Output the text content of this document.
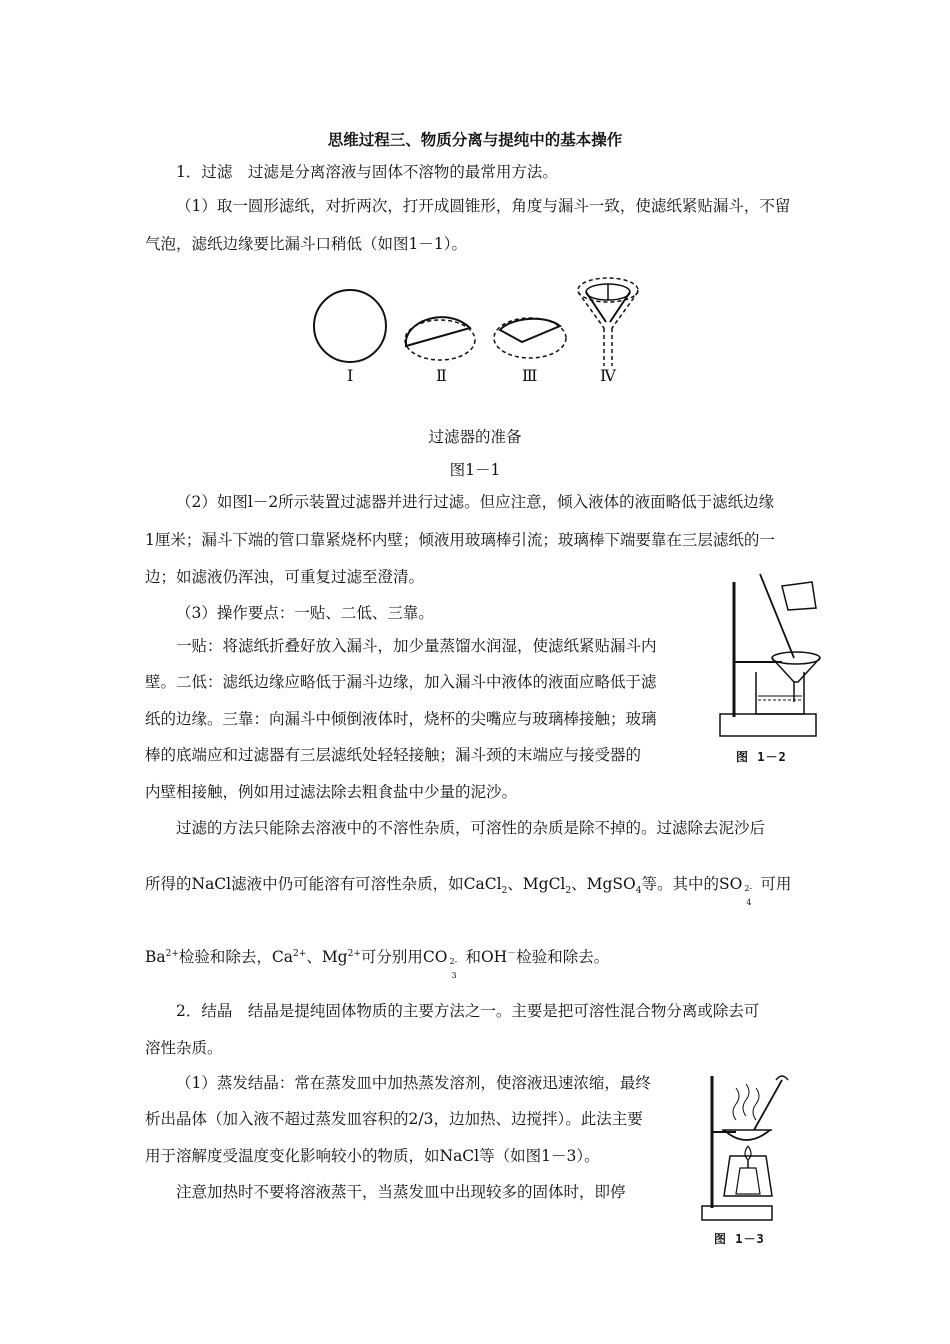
思维过程三、物质分离与提纯中的基本操作
1．过滤　过滤是分离溶液与固体不溶物的最常用方法。
（1）取一圆形滤纸，对折两次，打开成圆锥形，角度与漏斗一致，使滤纸紧贴漏斗，不留
气泡，滤纸边缘要比漏斗口稍低（如图1－1）。
Ⅰ	Ⅱ	Ⅲ	Ⅳ
过滤器的准备
图1－1
（2）如图l－2所示装置过滤器并进行过滤。但应注意，倾入液体的液面略低于滤纸边缘
1厘米；漏斗下端的管口靠紧烧杯内壁；倾液用玻璃棒引流；玻璃棒下端要靠在三层滤纸的一
边；如滤液仍浑浊，可重复过滤至澄清。
（3）操作要点：一贴、二低、三靠。
一贴：将滤纸折叠好放入漏斗，加少量蒸馏水润湿，使滤纸紧贴漏斗内
壁。二低：滤纸边缘应略低于漏斗边缘，加入漏斗中液体的液面应略低于滤
纸的边缘。三靠：向漏斗中倾倒液体时，烧杯的尖嘴应与玻璃棒接触；玻璃
棒的底端应和过滤器有三层滤纸处轻轻接触；漏斗颈的末端应与接受器的
内壁相接触，例如用过滤法除去粗食盐中少量的泥沙。
图 1－2
过滤的方法只能除去溶液中的不溶性杂质，可溶性的杂质是除不掉的。过滤除去泥沙后
所得的NaCl滤液中仍可能溶有可溶性杂质，如CaCl$_2$、MgCl$_2$、MgSO$_4$等。其中的SO 2-
4
可用
$Ba^{2+}$检验和除去，$Ca^{2+}$、$Mg^{2+}$可分别用CO 2-
3
和OH－检验和除去。
2．结晶　结晶是提纯固体物质的主要方法之一。主要是把可溶性混合物分离或除去可
溶性杂质。
（1）蒸发结晶：常在蒸发皿中加热蒸发溶剂，使溶液迅速浓缩，最终
析出晶体（加入液不超过蒸发皿容积的2/3，边加热、边搅拌）。此法主要
用于溶解度受温度变化影响较小的物质，如NaCl等（如图1－3）。
注意加热时不要将溶液蒸干，当蒸发皿中出现较多的固体时，即停
图 1－3
